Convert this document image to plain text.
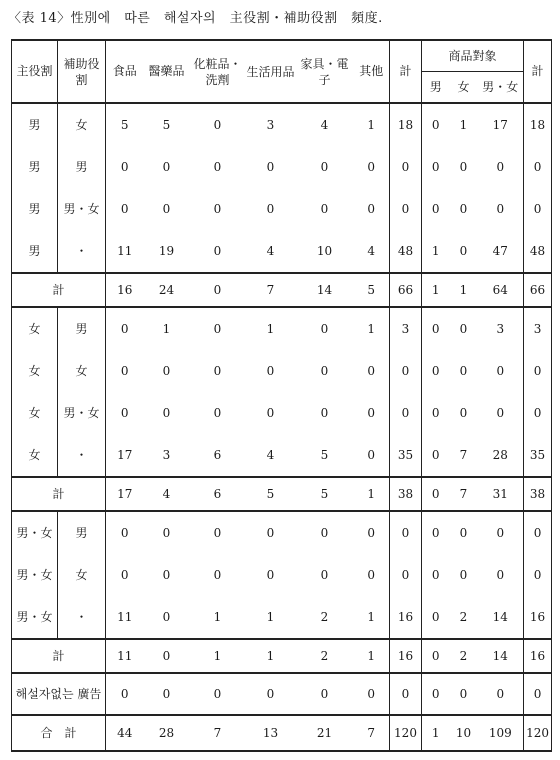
〈表 14〉性別에　따른　해설자의　主役割・補助役割　頻度.
主役割	補助役割	食品	醫藥品	化粧品・洗劑	生活用品	家具・電子	其他	計	商品對象			計
									男	女	男・女	
男	女	5	5	0	3	4	1	18	0	1	17	18
男	男	0	0	0	0	0	0	0	0	0	0	0
男	男・女	0	0	0	0	0	0	0	0	0	0	0
男	・	11	19	0	4	10	4	48	1	0	47	48
計		16	24	0	7	14	5	66	1	1	64	66
女	男	0	1	0	1	0	1	3	0	0	3	3
女	女	0	0	0	0	0	0	0	0	0	0	0
女	男・女	0	0	0	0	0	0	0	0	0	0	0
女	・	17	3	6	4	5	0	35	0	7	28	35
計		17	4	6	5	5	1	38	0	7	31	38
男・女	男	0	0	0	0	0	0	0	0	0	0	0
男・女	女	0	0	0	0	0	0	0	0	0	0	0
男・女	・	11	0	1	1	2	1	16	0	2	14	16
計		11	0	1	1	2	1	16	0	2	14	16
해설자없는 廣告		0	0	0	0	0	0	0	0	0	0	0
合　計		44	28	7	13	21	7	120	1	10	109	120
